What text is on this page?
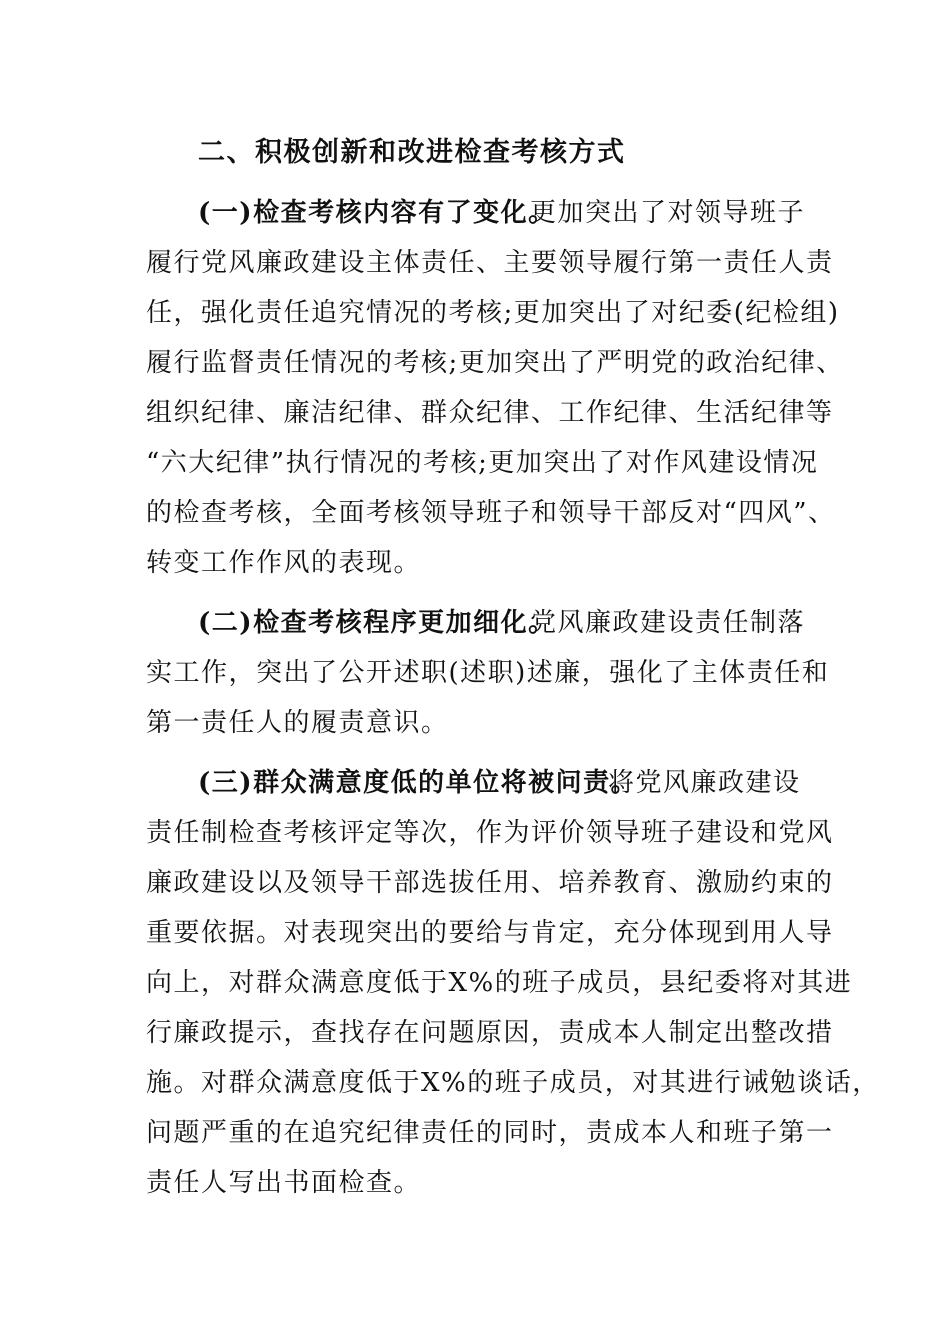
二、积极创新和改进检查考核方式
(一)检查考核内容有了变化。
更加突出了对领导班子
履行党风廉政建设主体责任、主要领导履行第一责任人责
任，强化责任追究情况的考核;更加突出了对纪委(纪检组)
履行监督责任情况的考核;更加突出了严明党的政治纪律、
组织纪律、廉洁纪律、群众纪律、工作纪律、生活纪律等
“六大纪律”执行情况的考核;更加突出了对作风建设情况
的检查考核，全面考核领导班子和领导干部反对“四风”、
转变工作作风的表现。
(二)检查考核程序更加细化。
党风廉政建设责任制落
实工作，突出了公开述职(述职)述廉，强化了主体责任和
第一责任人的履责意识。
(三)群众满意度低的单位将被问责。
将党风廉政建设
责任制检查考核评定等次，作为评价领导班子建设和党风
廉政建设以及领导干部选拔任用、培养教育、激励约束的
重要依据。对表现突出的要给与肯定，充分体现到用人导
向上，对群众满意度低于X%的班子成员，县纪委将对其进
行廉政提示，查找存在问题原因，责成本人制定出整改措
施。对群众满意度低于X%的班子成员，对其进行诫勉谈话，
问题严重的在追究纪律责任的同时，责成本人和班子第一
责任人写出书面检查。
